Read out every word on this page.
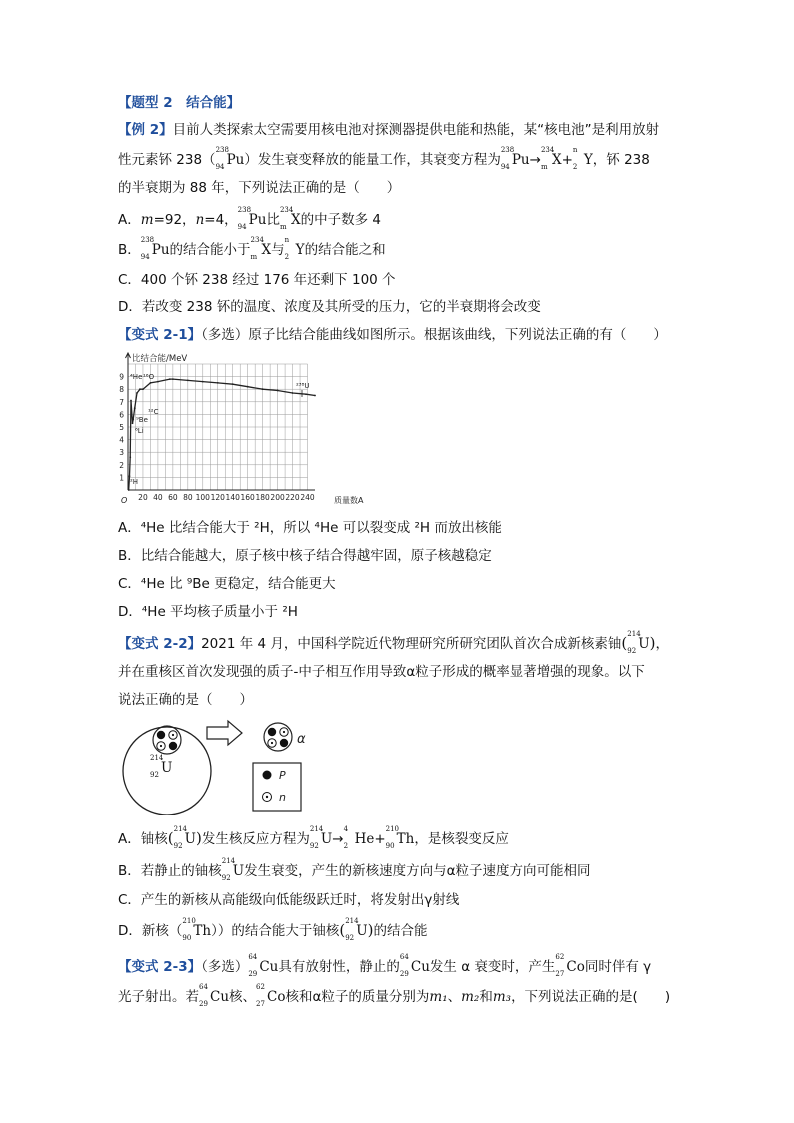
【题型 2　结合能】
【例 2】目前人类探索太空需要用核电池对探测器提供电能和热能，某“核电池”是利用放射
性元素钚 238（
238
94 Pu）发生衰变释放的能量工作，其衰变方程为
238
94 Pu→
234
m X+
n
2 Y，钚 238
的半衰期为 88 年，下列说法正确的是（　　）
A．m=92，n=4，
238
94 Pu比
234
m X的中子数多 4
B．
238
94 Pu的结合能小于
234
m X与
n
2 Y的结合能之和
C．400 个钚 238 经过 176 年还剩下 100 个
D．若改变 238 钚的温度、浓度及其所受的压力，它的半衰期将会改变
【变式 2-1】（多选）原子比结合能曲线如图所示。根据该曲线，下列说法正确的有（　　）
20 40 60 80 100 120 140 160 180 200 220 240
1
2
3
4
5
6
7
8
9
比结合能/MeV
质量数A
O
⁴He ¹⁶O
²³⁸U
¹²C
⁹Be
⁶Li
²H
A．⁴He 比结合能大于 ²H，所以 ⁴He 可以裂变成 ²H 而放出核能
B．比结合能越大，原子核中核子结合得越牢固，原子核越稳定
C．⁴He 比 ⁹Be 更稳定，结合能更大
D．⁴He 平均核子质量小于 ²H
【变式 2-2】2021 年 4 月，中国科学院近代物理研究所研究团队首次合成新核素铀( 214
92 U)，
并在重核区首次发现强的质子-中子相互作用导致α粒子形成的概率显著增强的现象。以下
说法正确的是（　　）
α
P
n
214
92 U
A．铀核( 214
92 U)发生核反应方程为
214
92 U→
4
2 He+
210
90 Th，是核裂变反应
B．若静止的铀核
214
92 U发生衰变，产生的新核速度方向与α粒子速度方向可能相同
C．产生的新核从高能级向低能级跃迁时，将发射出γ射线
D．新核（
210
90 Th））的结合能大于铀核( 214
92 U)的结合能
【变式 2-3】（多选）
64
29 Cu具有放射性，静止的
64
29 Cu发生 α 衰变时，产生
62
27 Co同时伴有 γ
光子射出。若
64
29 Cu核、
62
27 Co核和α粒子的质量分别为m₁、m₂和m₃，下列说法正确的是(　　)
